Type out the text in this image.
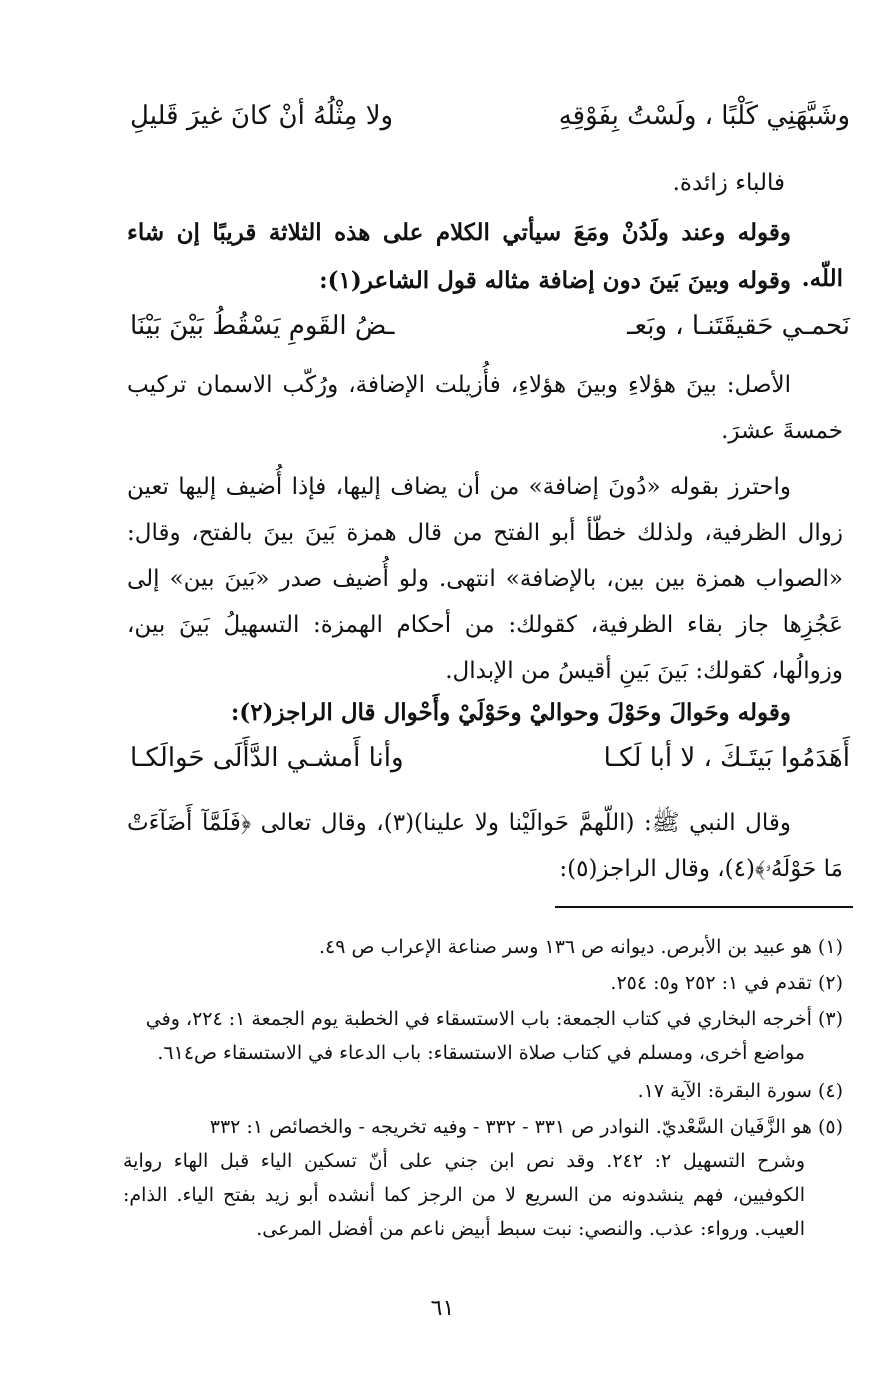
وشَبَّهَنِي كَلْبًا ، ولَسْتُ بِفَوْقِهِ
ولا مِثْلُهُ أنْ كانَ غيرَ قَليلِ
فالباء زائدة.
وقوله وعند ولَدُنْ ومَعَ سيأتي الكلام على هذه الثلاثة قريبًا إن شاء اللّه.
وقوله وبينَ بَينَ دون إضافة مثاله قول الشاعر(١):
نَحمـي حَقيقَتَنـا ، وبَعـ
ـضُ القَومِ يَسْقُطُ بَيْنَ بَيْنَا
الأصل: بينَ هؤلاءِ وبينَ هؤلاءِ، فأُزيلت الإضافة، ورُكّب الاسمان تركيب خمسةَ عشرَ.
واحترز بقوله «دُونَ إضافة» من أن يضاف إليها، فإذا أُضيف إليها تعين زوال الظرفية، ولذلك خطّأ أبو الفتح من قال همزة بَينَ بينَ بالفتح، وقال: «الصواب همزة بين بين، بالإضافة» انتهى. ولو أُضيف صدر «بَينَ بين» إلى عَجُزِها جاز بقاء الظرفية، كقولك: من أحكام الهمزة: التسهيلُ بَينَ بين، وزوالُها، كقولك: بَينَ بَينِ أقيسُ من الإبدال.
وقوله وحَوالَ وحَوْلَ وحواليْ وحَوْلَيْ وأَحْوال قال الراجز(٢):
أَهَدَمُوا بَيتَـكَ ، لا أبا لَكـا
وأنا أَمشـي الدَّأَلَى حَوالَكـا
وقال النبي ﷺ: (اللّهمَّ حَوالَيْنا ولا علينا)(٣)، وقال تعالى ﴿فَلَمَّآ أَضَآءَتْ مَا حَوْلَهُۥ﴾(٤)، وقال الراجز(٥):
(١) هو عبيد بن الأبرص. ديوانه ص ١٣٦ وسر صناعة الإعراب ص ٤٩.
(٢) تقدم في ١: ٢٥٢ و٥: ٢٥٤.
(٣) أخرجه البخاري في كتاب الجمعة: باب الاستسقاء في الخطبة يوم الجمعة ١: ٢٢٤، وفي
مواضع أخرى، ومسلم في كتاب صلاة الاستسقاء: باب الدعاء في الاستسقاء ص٦١٤.
(٤) سورة البقرة: الآية ١٧.
(٥) هو الزَّفَيان السَّعْديّ. النوادر ص ٣٣١ - ٣٣٢ - وفيه تخريجه - والخصائص ١: ٣٣٢
وشرح التسهيل ٢: ٢٤٢. وقد نص ابن جني على أنّ تسكين الياء قبل الهاء رواية الكوفيين، فهم ينشدونه من السريع لا من الرجز كما أنشده أبو زيد بفتح الياء. الذام: العيب. ورواء: عذب. والنصي: نبت سبط أبيض ناعم من أفضل المرعى.
٦١
